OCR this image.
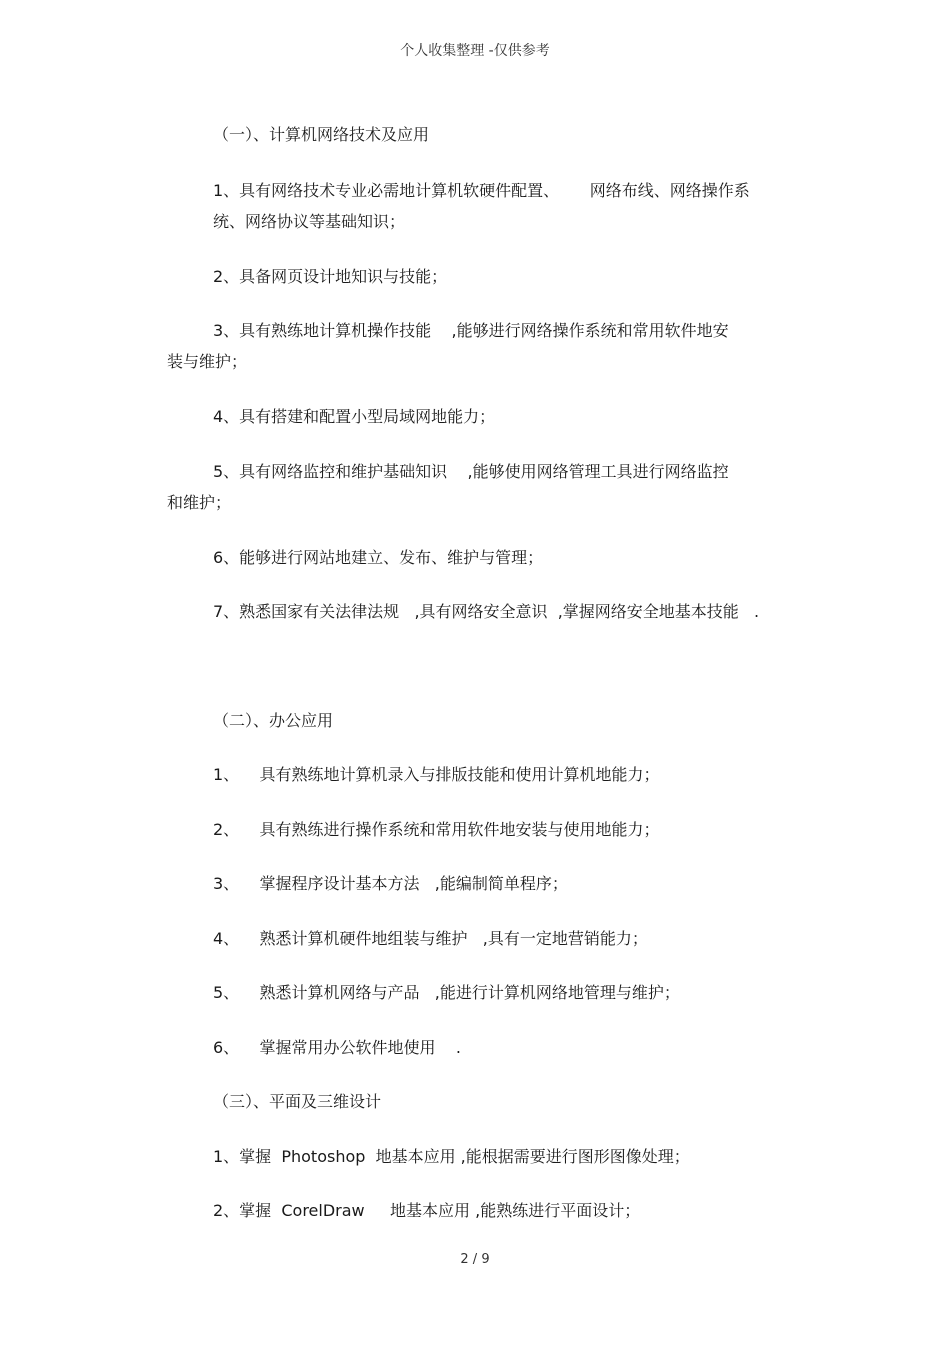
个人收集整理 -仅供参考
（一）、计算机网络技术及应用
1、具有网络技术专业必需地计算机软硬件配置、      网络布线、网络操作系
统、网络协议等基础知识；
2、具备网页设计地知识与技能；
3、具有熟练地计算机操作技能    ,能够进行网络操作系统和常用软件地安
装与维护；
4、具有搭建和配置小型局域网地能力；
5、具有网络监控和维护基础知识    ,能够使用网络管理工具进行网络监控
和维护；
6、能够进行网站地建立、发布、维护与管理；
7、熟悉国家有关法律法规   ,具有网络安全意识  ,掌握网络安全地基本技能   .
（二）、办公应用
1、    具有熟练地计算机录入与排版技能和使用计算机地能力；
2、    具有熟练进行操作系统和常用软件地安装与使用地能力；
3、    掌握程序设计基本方法   ,能编制简单程序；
4、    熟悉计算机硬件地组装与维护   ,具有一定地营销能力；
5、    熟悉计算机网络与产品   ,能进行计算机网络地管理与维护；
6、    掌握常用办公软件地使用    .
（三）、平面及三维设计
1、掌握  Photoshop  地基本应用 ,能根据需要进行图形图像处理；
2、掌握  CorelDraw     地基本应用 ,能熟练进行平面设计；
2 / 9
